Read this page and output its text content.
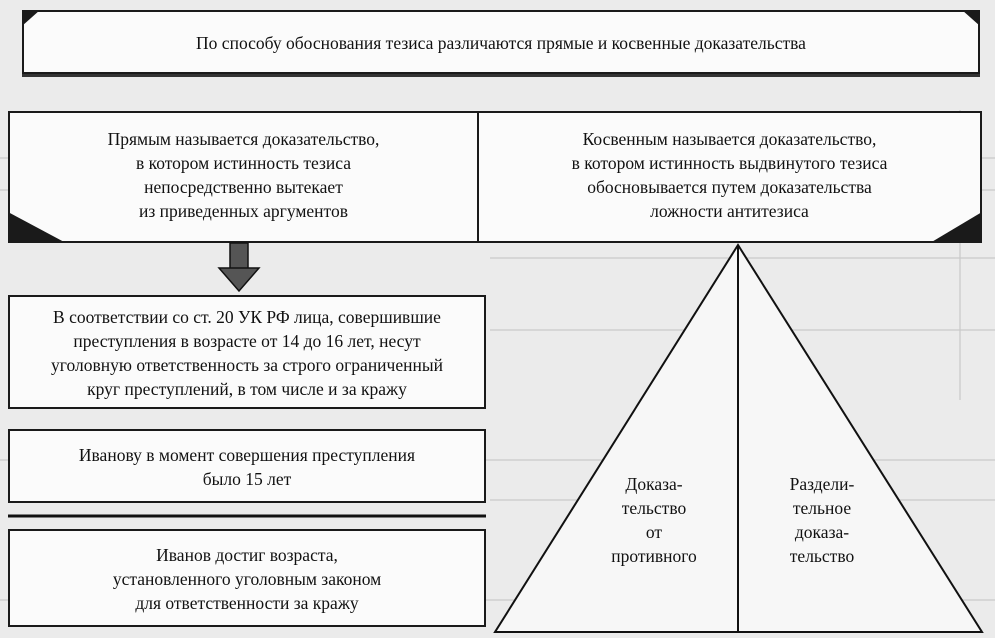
По способу обоснования тезиса различаются прямые и косвенные доказательства
Прямым называется доказательство,
в котором истинность тезиса
непосредственно вытекает
из приведенных аргументов
Косвенным называется доказательство,
в котором истинность выдвинутого тезиса
обосновывается путем доказательства
ложности антитезиса
В соответствии со ст. 20 УК РФ лица, совершившие
преступления в возрасте от 14 до 16 лет, несут
уголовную ответственность за строго ограниченный
круг преступлений, в том числе и за кражу
Иванову в момент совершения преступления
было 15 лет
Иванов достиг возраста,
установленного уголовным законом
для ответственности за кражу
Доказа-
тельство
от
противного
Раздели-
тельное
доказа-
тельство
